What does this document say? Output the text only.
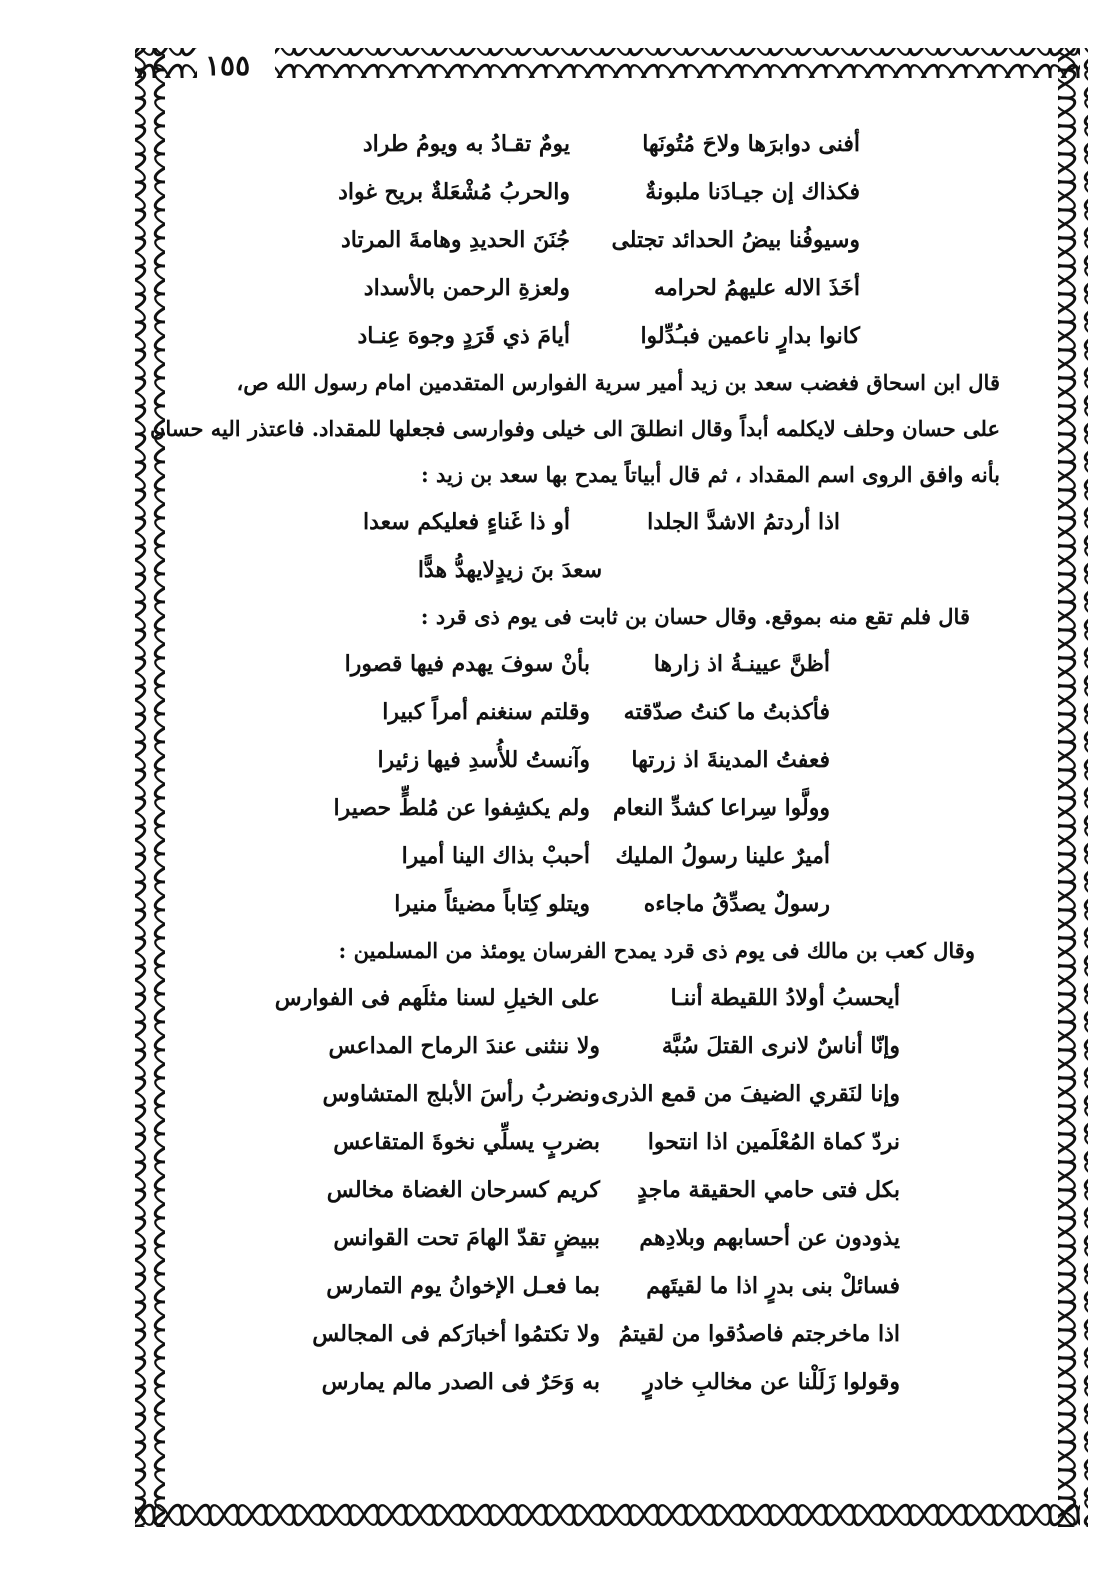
١٥٥
أفنى دوابرَها ولاحَ مُتُونَها
يومٌ تقـادُ به ويومُ طراد
فكذاك إن جيـادَنا ملبونةٌ
والحربُ مُشْعَلةٌ بريح غواد
وسيوفُنا بيضُ الحدائد تجتلى
جُنَنَ الحديدِ وهامةَ المرتاد
أخَذَ الاله عليهمُ لحرامه
ولعزةِ الرحمن بالأسداد
كانوا بدارٍ ناعمين فبـُدِّلوا
أيامَ ذي قَرَدٍ وجوهَ عِنـاد
قال ابن اسحاق فغضب سعد بن زيد أمير سرية الفوارس المتقدمين امام رسول الله ص،
على حسان وحلف لايكلمه أبداً وقال انطلقَ الى خيلى وفوارسى فجعلها للمقداد. فاعتذر اليه حسان
بأنه وافق الروى اسم المقداد ، ثم قال أبياتاً يمدح بها سعد بن زيد :
اذا أردتمُ الاشدَّ الجلدا
أو ذا غَناءٍ فعليكم سعدا
سعدَ بنَ زيدٍلايهدُّ هدًّا
قال فلم تقع منه بموقع. وقال حسان بن ثابت فى يوم ذى قرد :
أظنَّ عيينـةُ اذ زارها
بأنْ سوفَ يهدم فيها قصورا
فأكذبتُ ما كنتُ صدّقته
وقلتم سنغنم أمراً كبيرا
فعفتُ المدينةَ اذ زرتها
وآنستُ للأُسدِ فيها زئيرا
وولَّوا سِراعا كشدِّ النعام
ولم يكشِفوا عن مُلطٍّ حصيرا
أميرٌ علينا رسولُ المليك
أحببْ بذاك الينا أميرا
رسولٌ يصدِّقُ ماجاءه
ويتلو كِتاباً مضيئاً منيرا
وقال كعب بن مالك فى يوم ذى قرد يمدح الفرسان يومئذ من المسلمين :
أيحسبُ أولادُ اللقيطة أننـا
على الخيلِ لسنا مثلَهم فى الفوارس
وإنّا أناسٌ لانرى القتلَ سُبَّة
ولا ننثنى عندَ الرماح المداعس
وإنا لنَقري الضيفَ من قمع الذرى
ونضربُ رأسَ الأبلج المتشاوس
نردّ كماة المُعْلَمين اذا انتحوا
بضربٍ يسلِّي نخوةَ المتقاعس
بكل فتى حامي الحقيقة ماجدٍ
كريم كسرحان الغضاة مخالس
يذودون عن أحسابهم وبلادِهم
ببيضٍ تقدّ الهامَ تحت القوانس
فسائلْ بنى بدرٍ اذا ما لقيتَهم
بما فعـل الإخوانُ يوم التمارس
اذا ماخرجتم فاصدُقوا من لقيتمُ
ولا تكتمُوا أخبارَكم فى المجالس
وقولوا زَلَلْنا عن مخالبِ خادرٍ
به وَحَرٌ فى الصدر مالم يمارس
